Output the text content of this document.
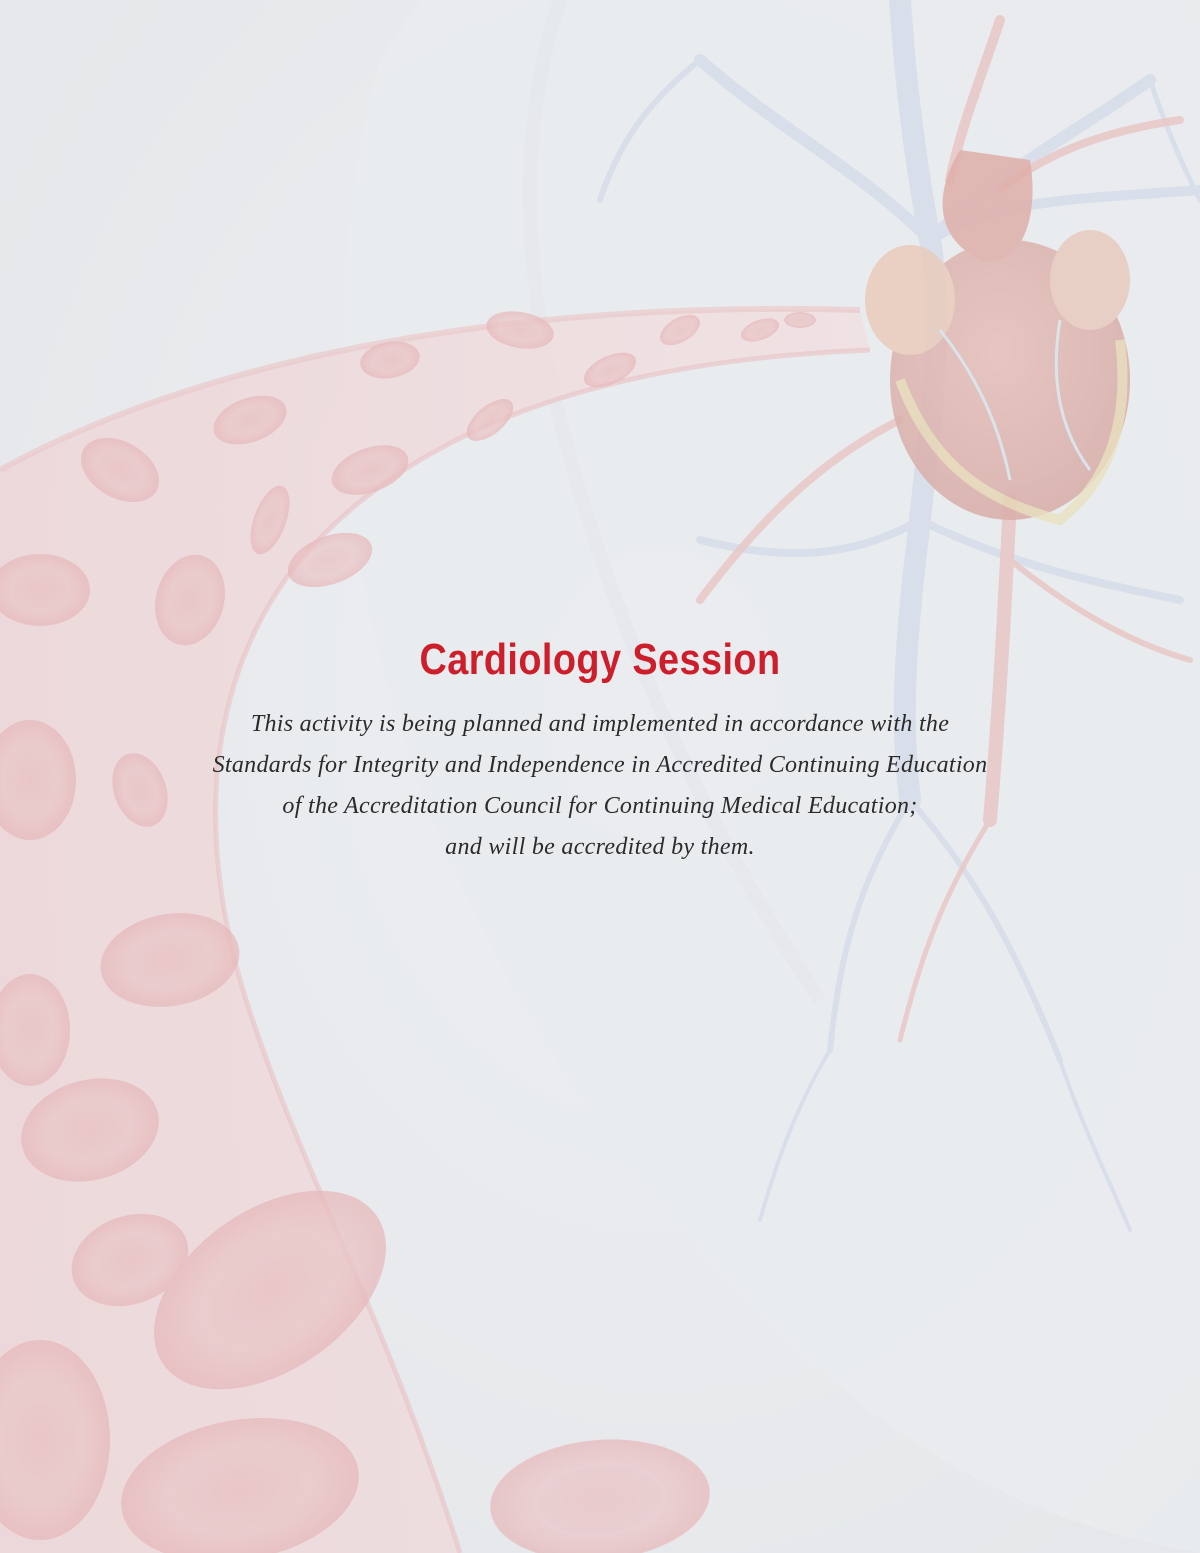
Cardiology Session
This activity is being planned and implemented in accordance with the
Standards for Integrity and Independence in Accredited Continuing Education
of the Accreditation Council for Continuing Medical Education;
and will be accredited by them.
